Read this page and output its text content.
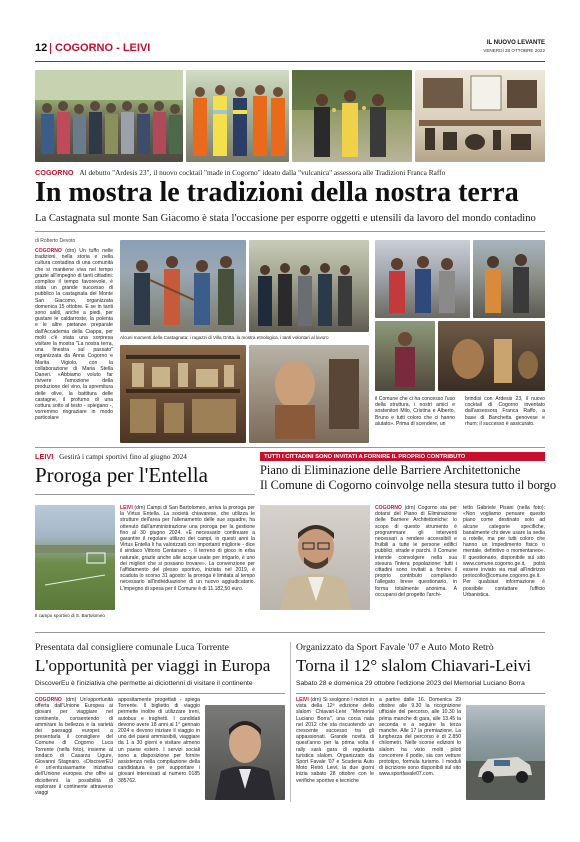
12 COGORNO - LEIVI	IL NUOVO LEVANTE
VENERDÌ 28 OTTOBRE 2022
COGORNO Al debutto "Ardesis 23", il nuovo cocktail "made in Cogorno" ideato dalla "vulcanica" assessora alle Tradizioni Franca Raffo
In mostra le tradizioni della nostra terra
La Castagnata sul monte San Giacomo è stata l'occasione per esporre oggetti e utensili da lavoro del mondo contadino
di Roberto Devoto
COGORNO (drn) Un tuffo nelle tradizioni, nella storia e nella cultura contadina di una comunità che si mantiene viva nel tempo grazie all'impegno di tanti cittadini: complice il tempo favorevole, è stata un grande successo di pubblico la castagnata del Monte San Giacomo, organizzata domenica 15 ottobre. E se in tanti sono saliti, anche a piedi, per gustare le caldarroste, la polenta e le altre pietanze preparate dall'Accademia della Ciappa, per molti c'è stata una sorpresa visitare la mostra "La nostra terra, una finestra sul passato" organizzata da Anna Cogorno e Marita Vigiolo, con la collaborazione di Maria Stella Daneri. «Abbiamo voluto far rivivere l'emozione della produzione del vino, la spremitura delle olive, la battitura delle castagne, il profumo di una cottura sotto al testo - spiegano -, vorremmo ringraziare in modo particolare
Alcuni momenti della Castagnata: i ragazzi di Villa Gritta, la mostra etnologica, i tanti volontari al lavoro
il Comune che ci ha concesso l'uso della struttura, i nostri amici e sostenitori Milo, Cristina e Alberto, Bruno e tutti coloro che ci hanno aiutato». Prima di scendere, un
brindisi con Ardesis 23, il nuovo cocktail di Cogorno inventato dall'assessora Franca Raffo, a base di Banchetta genovese e rhum: il successo è assicurato.
LEIVI Gestirà i campi sportivi fino al giugno 2024
Proroga per l'Entella
Il campo sportivo di S. Bartolomeo
LEIVI (drn) Campi di San Bartolomeo, arriva la proroga per la Virtus Entella. La società chiavarese, che utilizza le strutture dell'area per l'allenamento delle sue squadre, ha ottenuto dall'amministrazione una proroga per la gestione fino al 30 giugno 2024. «È necessario continuare a garantire il regolare utilizzo dei campi, in questi anni la Virtus Entella li ha valorizzati con importanti migliorie - dice il sindaco Vittorio Centanaro -. Il terreno di gioco in erba naturale, grazie anche alle acque usate per irrigarlo, è uno dei migliori che si possano trovare». La convenzione per l'affidamento del plesso sportivo, iniziata nel 2019, è scaduta lo scorso 31 agosto: la proroga è limitata al tempo necessario all'individuazione di un nuovo aggiudicatario. L'impegno di spesa per il Comune è di 11.182,50 euro.
TUTTI I CITTADINI SONO INVITATI A FORNIRE IL PROPRIO CONTRIBUTO
Piano di Eliminazione delle Barriere Architettoniche
Il Comune di Cogorno coinvolge nella stesura tutto il borgo
COGORNO (drn) Cogorno sta per dotarsi del Piano di Eliminazione delle Barriere Architettoniche: lo scopo di questo strumento è programmare gli interventi necessari a rendere accessibili e fruibili a tutte le persone edifici pubblici, strade e parchi. Il Comune intende coinvolgere nella sua stesura l'intera popolazione: tutti i cittadini sono invitati a fornire il proprio contributo compilando l'allegato breve questionario, in forma totalmente anonima. A occuparsi del progetto l'archi-
tetto Gabriele Pisani (nella foto): «Non vogliamo pensare questo piano come destinato solo ad alcune categorie specifiche, banalmente chi deve usare la sedia a rotelle, ma per tutti coloro che hanno un impedimento fisico o mentale, definitivo o momentaneo». Il questionario, disponibile sul sito www.comune.cogorno.ge.it, potrà essere inviato via mail all'indirizzo protocollo@comune.cogorno.ge.it. Per qualsiasi informazione è possibile contattare l'ufficio Urbanistica.
Presentata dal consigliere comunale Luca Torrente
L'opportunità per viaggi in Europa
DiscoverEu è l'iniziativa che permette ai diciottenni di visitare il continente
COGORNO (drn) Un'opportunità offerta dall'Unione Europea ai giovani per viaggiare nel continente, consentendo di ammirare la bellezza e la varietà dei paesaggi europei: a presentarla il consigliere del Comune di Cogorno Luca Torrente (nella foto), insieme al sindaco di Casarza Ligure, Giovanni Stagnaro. «DiscoverEU è un'entusiasmante iniziativa dell'Unione europea che offre ai diciottenni la possibilità di esplorare il continente attraverso viaggi
appositamente progettati - spiega Torrente. Il biglietto di viaggio permette inoltre di utilizzare treni, autobus e traghetti. I candidati devono avere 18 anni al 1° gennaio 2024 e devono iniziare il viaggio in uno dei paesi ammissibili, viaggiare da 1 a 30 giorni e visitare almeno un paese estero. I servizi sociali sono a disposizione per fornire assistenza nella compilazione della candidatura e per supportare i giovani interessati al numero 0185 385762.
Organizzato da Sport Favale '07 e Auto Moto Retrò
Torna il 12° slalom Chiavari-Leivi
Sabato 28 e domenica 29 ottobre l'edizione 2023 del Memorial Luciano Borra
LEIVI (drn) Si svolgono i motori in vista della 12ª edizione dello slalom Chiavari-Leivi "Memorial Luciano Borra", una corsa nata nel 2012 che sta riscuotendo un crescente successo tra gli appassionati. Grande novità di quest'anno per la prima volta il rally sarà gara di regolarità turistica slalom. Organizzato da Sport Favale '07 e Scuderia Auto Moto Retrò Leivi, la due giorni inizia sabato 28 ottobre con le verifiche sportive e tecniche
a partire dalle 16. Domenica 29 ottobre alle 9.30 la ricognizione ufficiale del percorso, alle 10.30 la prima manche di gara, alle 13.45 la seconda e a seguire la terza manche. Alle 17 la premiazione. La lunghezza del percorso è di 2.850 chilometri. Nelle scorse edizioni lo slalom ha visto molti piloti concorrere il podio, sia con vetture prototipo, formula turismo. I moduli di iscrizione sono disponibili sul sito www.sportfavale07.com.
